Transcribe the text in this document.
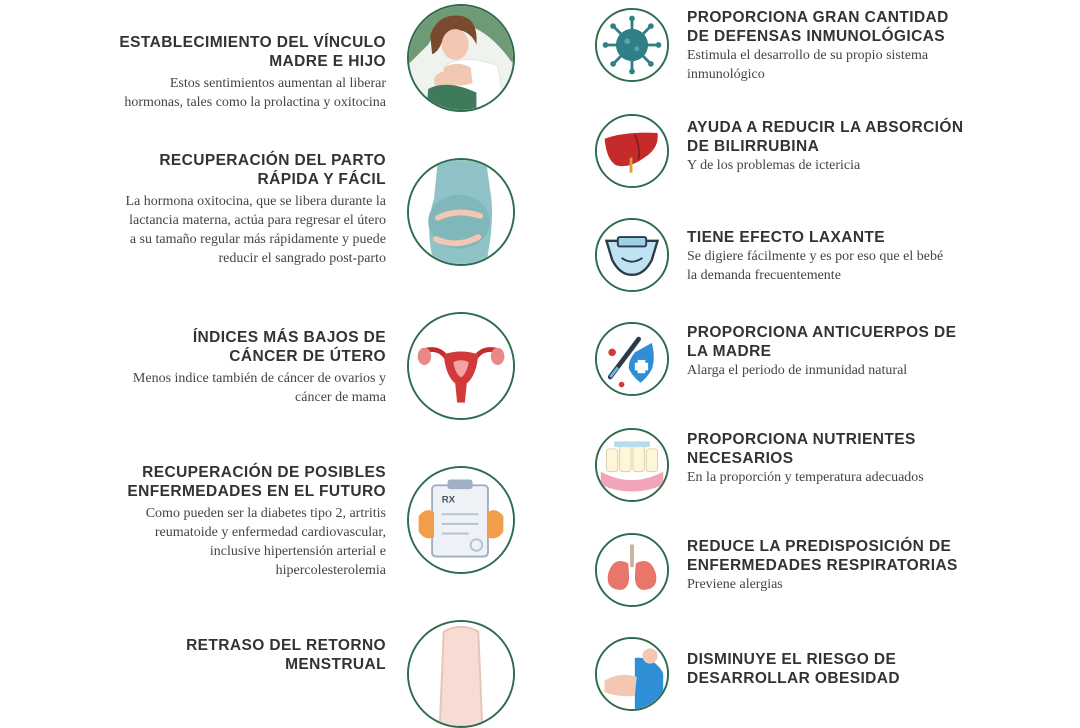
ESTABLECIMIENTO DEL VÍNCULO
MADRE E HIJO
Estos sentimientos aumentan al liberar
hormonas, tales como la prolactina y oxitocina
RECUPERACIÓN DEL PARTO
RÁPIDA Y FÁCIL
La hormona oxitocina, que se libera durante la
lactancia materna, actúa para regresar el útero
a su tamaño regular más rápidamente y puede
reducir el sangrado post-parto
ÍNDICES MÁS BAJOS DE
CÁNCER DE ÚTERO
Menos indice también de cáncer de ovarios y
cáncer de mama
RECUPERACIÓN DE POSIBLES
ENFERMEDADES EN EL FUTURO
Como pueden ser la diabetes tipo 2, artritis
reumatoide y enfermedad cardiovascular,
inclusive hipertensión arterial e
hipercolesterolemia
RETRASO DEL RETORNO
MENSTRUAL
RX
PROPORCIONA GRAN CANTIDAD
DE DEFENSAS INMUNOLÓGICAS
Estimula el desarrollo de su propio sistema
inmunológico
AYUDA A REDUCIR LA ABSORCIÓN
DE BILIRRUBINA
Y de los problemas de ictericia
TIENE EFECTO LAXANTE
Se digiere fácilmente y es por eso que el bebé
la demanda frecuentemente
PROPORCIONA ANTICUERPOS DE
LA MADRE
Alarga el periodo de inmunidad natural
PROPORCIONA NUTRIENTES
NECESARIOS
En la proporción y temperatura adecuados
REDUCE LA PREDISPOSICIÓN DE
ENFERMEDADES RESPIRATORIAS
Previene alergias
DISMINUYE EL RIESGO DE
DESARROLLAR OBESIDAD
